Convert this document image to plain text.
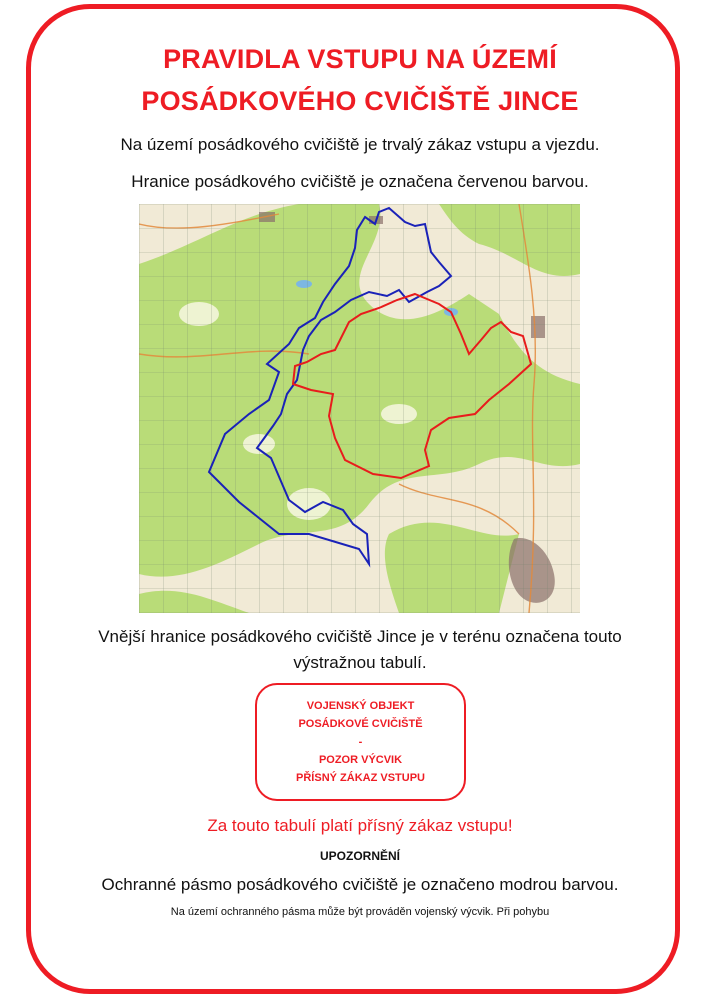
PRAVIDLA VSTUPU NA ÚZEMÍ
POSÁDKOVÉHO CVIČIŠTĚ JINCE

Na území posádkového cvičiště je trvalý zákaz vstupu a vjezdu.

Hranice posádkového cvičiště je označena červenou barvou.

Vnější hranice posádkového cvičiště Jince je v terénu označena touto

výstražnou tabulí.

VOJENSKÝ OBJEKT
POSÁDKOVÉ CVIČIŠTĚ
-
POZOR VÝCVIK
PŘÍSNÝ ZÁKAZ VSTUPU

Za touto tabulí platí přísný zákaz vstupu!

UPOZORNĚNÍ

Ochranné pásmo posádkového cvičiště je označeno modrou barvou.

Na území ochranného pásma může být prováděn vojenský výcvik. Při pohybu
